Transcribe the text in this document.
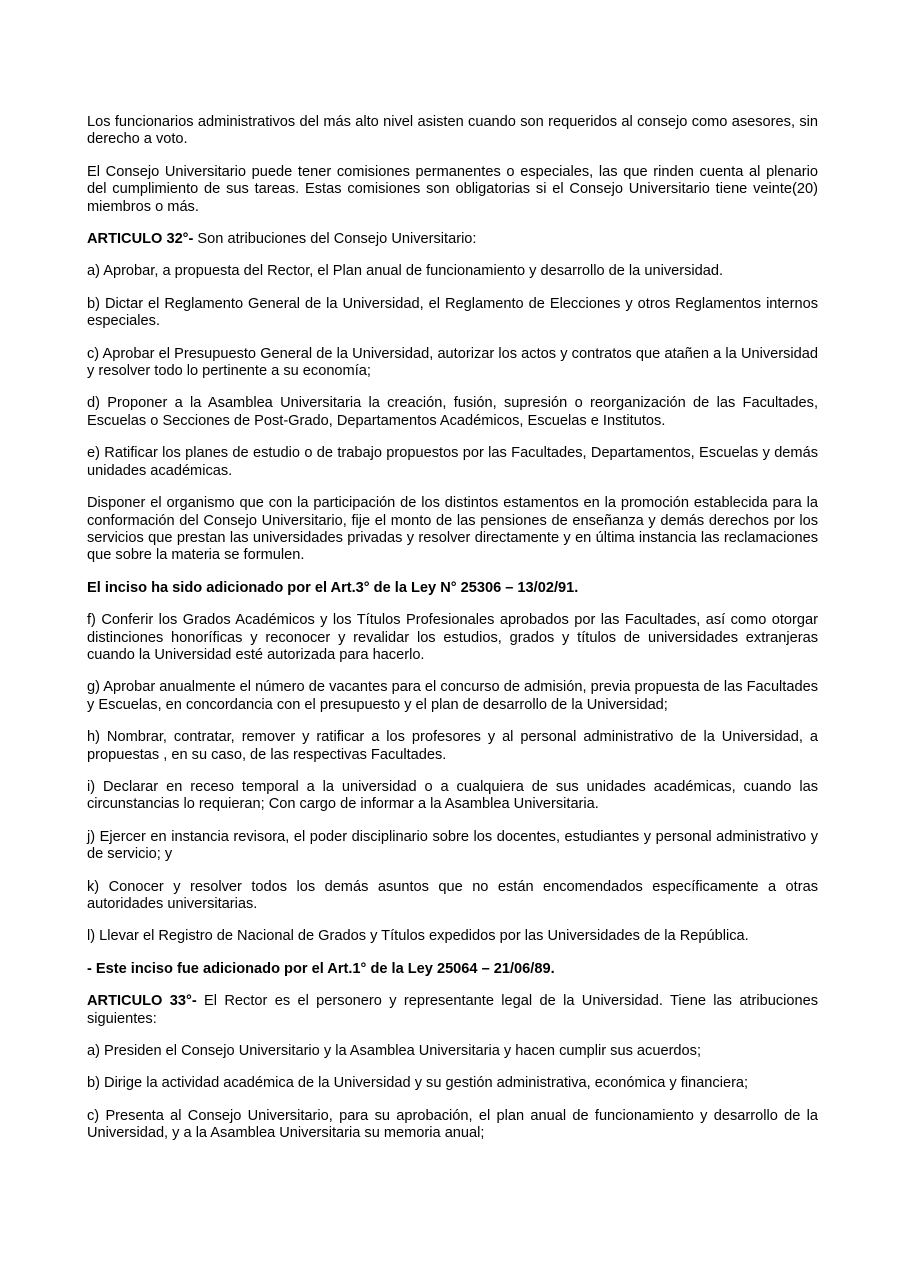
Los funcionarios administrativos del más alto nivel asisten cuando son requeridos al consejo como asesores, sin derecho a voto.

El Consejo Universitario puede tener comisiones permanentes o especiales, las que rinden cuenta al plenario del cumplimiento de sus tareas. Estas comisiones son obligatorias si el Consejo Universitario tiene veinte(20) miembros o más.

ARTICULO 32°- Son atribuciones del Consejo Universitario:

a) Aprobar, a propuesta del Rector, el Plan anual de funcionamiento y desarrollo de la universidad.

b) Dictar el Reglamento General de la Universidad, el Reglamento de Elecciones y otros Reglamentos internos especiales.

c) Aprobar el Presupuesto General de la Universidad, autorizar los actos y contratos que atañen a la Universidad y resolver todo lo pertinente a su economía;

d) Proponer a la Asamblea Universitaria la creación, fusión, supresión o reorganización de las Facultades, Escuelas o Secciones de Post-Grado, Departamentos Académicos, Escuelas e Institutos.

e) Ratificar los planes de estudio o de trabajo propuestos por las Facultades, Departamentos, Escuelas y demás unidades académicas.

Disponer el organismo que con la participación de los distintos estamentos en la promoción establecida para la conformación del Consejo Universitario, fije el monto de las pensiones de enseñanza y demás derechos por los servicios que prestan las universidades privadas y resolver directamente y en última instancia las reclamaciones que sobre la materia se formulen.

El inciso ha sido adicionado por el Art.3° de la Ley N° 25306 – 13/02/91.

f) Conferir los Grados Académicos y los Títulos Profesionales aprobados por las Facultades, así como otorgar distinciones honoríficas y reconocer y revalidar los estudios, grados y títulos de universidades extranjeras cuando la Universidad esté autorizada para hacerlo.

g) Aprobar anualmente el número de vacantes para el concurso de admisión, previa propuesta de las Facultades y Escuelas, en concordancia con el presupuesto y el plan de desarrollo de la Universidad;

h) Nombrar, contratar, remover y ratificar a los profesores y al personal administrativo de la Universidad, a propuestas , en su caso, de las respectivas Facultades.

i) Declarar en receso temporal a la universidad o a cualquiera de sus unidades académicas, cuando las circunstancias lo requieran; Con cargo de informar a la Asamblea Universitaria.

j) Ejercer en instancia revisora, el poder disciplinario sobre los docentes, estudiantes y personal administrativo y de servicio; y

k) Conocer y resolver todos los demás asuntos que no están encomendados específicamente a otras autoridades universitarias.

l) Llevar el Registro de Nacional de Grados y Títulos expedidos por las Universidades de la República.

- Este inciso fue adicionado por el Art.1° de la Ley 25064 – 21/06/89.

ARTICULO 33°- El Rector es el personero y representante legal de la Universidad. Tiene las atribuciones siguientes:

a) Presiden el Consejo Universitario y la Asamblea Universitaria y hacen cumplir sus acuerdos;

b) Dirige la actividad académica de la Universidad y su gestión administrativa, económica y financiera;

c) Presenta al Consejo Universitario, para su aprobación, el plan anual de funcionamiento y desarrollo de la Universidad, y a la Asamblea Universitaria su memoria anual;
